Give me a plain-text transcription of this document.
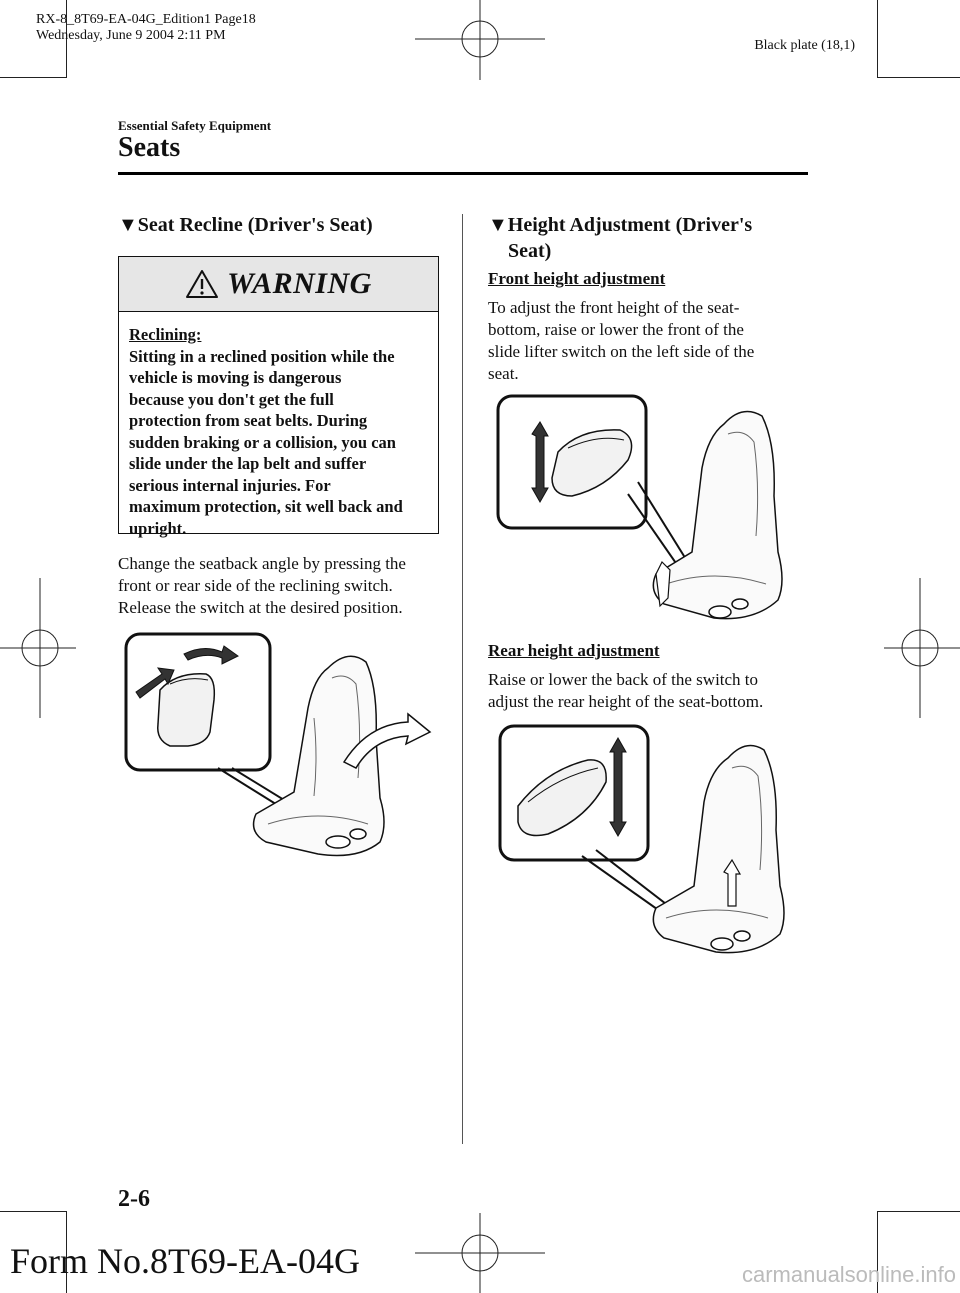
RX-8_8T69-EA-04G_Edition1 Page18
Wednesday, June 9 2004 2:11 PM
Black plate (18,1)
Essential Safety Equipment
Seats
▼Seat Recline (Driver's Seat)
WARNING
Reclining:
Sitting in a reclined position while the
vehicle is moving is dangerous
because you don't get the full
protection from seat belts. During
sudden braking or a collision, you can
slide under the lap belt and suffer
serious internal injuries. For
maximum protection, sit well back and
upright.
Change the seatback angle by pressing the
front or rear side of the reclining switch.
Release the switch at the desired position.
▼Height Adjustment (Driver's
Seat)
Front height adjustment
To adjust the front height of the seat-
bottom, raise or lower the front of the
slide lifter switch on the left side of the
seat.
Rear height adjustment
Raise or lower the back of the switch to
adjust the rear height of the seat-bottom.
2-6
Form No.8T69-EA-04G	carmanualsonline.info
